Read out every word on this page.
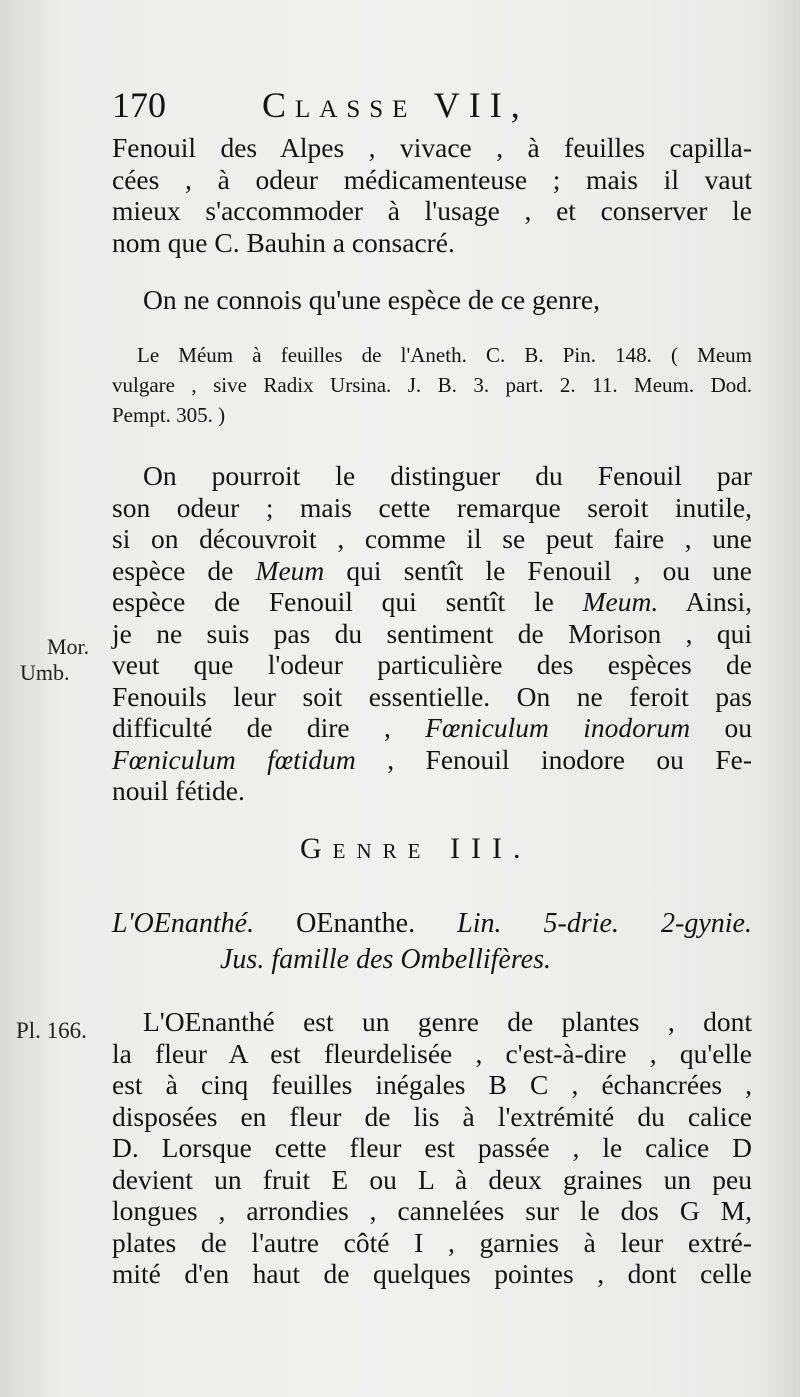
170	Classe VII,
Fenouil des Alpes , vivace , à feuilles capilla-
cées , à odeur médicamenteuse ; mais il vaut
mieux s'accommoder à l'usage , et conserver le
nom que C. Bauhin a consacré.
On ne connois qu'une espèce de ce genre,
Le Méum à feuilles de l'Aneth. C. B. Pin. 148. ( Meum
vulgare , sive Radix Ursina. J. B. 3. part. 2. 11. Meum. Dod.
Pempt. 305. )
On pourroit le distinguer du Fenouil par
son odeur ; mais cette remarque seroit inutile,
si on découvroit , comme il se peut faire , une
espèce de Meum qui sentît le Fenouil , ou une
espèce de Fenouil qui sentît le Meum. Ainsi,
je ne suis pas du sentiment de Morison , qui
veut que l'odeur particulière des espèces de
Fenouils leur soit essentielle. On ne feroit pas
difficulté de dire , Fœniculum inodorum ou
Fœniculum fœtidum , Fenouil inodore ou Fe-
nouil fétide.
Mor.
Umb.
Genre III.
L'OEnanthé. OEnanthe. Lin. 5-drie. 2-gynie.
Jus. famille des Ombellifères.
Pl. 166.	L'OEnanthé est un genre de plantes , dont
la fleur A est fleurdelisée , c'est-à-dire , qu'elle
est à cinq feuilles inégales B C , échancrées ,
disposées en fleur de lis à l'extrémité du calice
D. Lorsque cette fleur est passée , le calice D
devient un fruit E ou L à deux graines un peu
longues , arrondies , cannelées sur le dos G M,
plates de l'autre côté I , garnies à leur extré-
mité d'en haut de quelques pointes , dont celle
